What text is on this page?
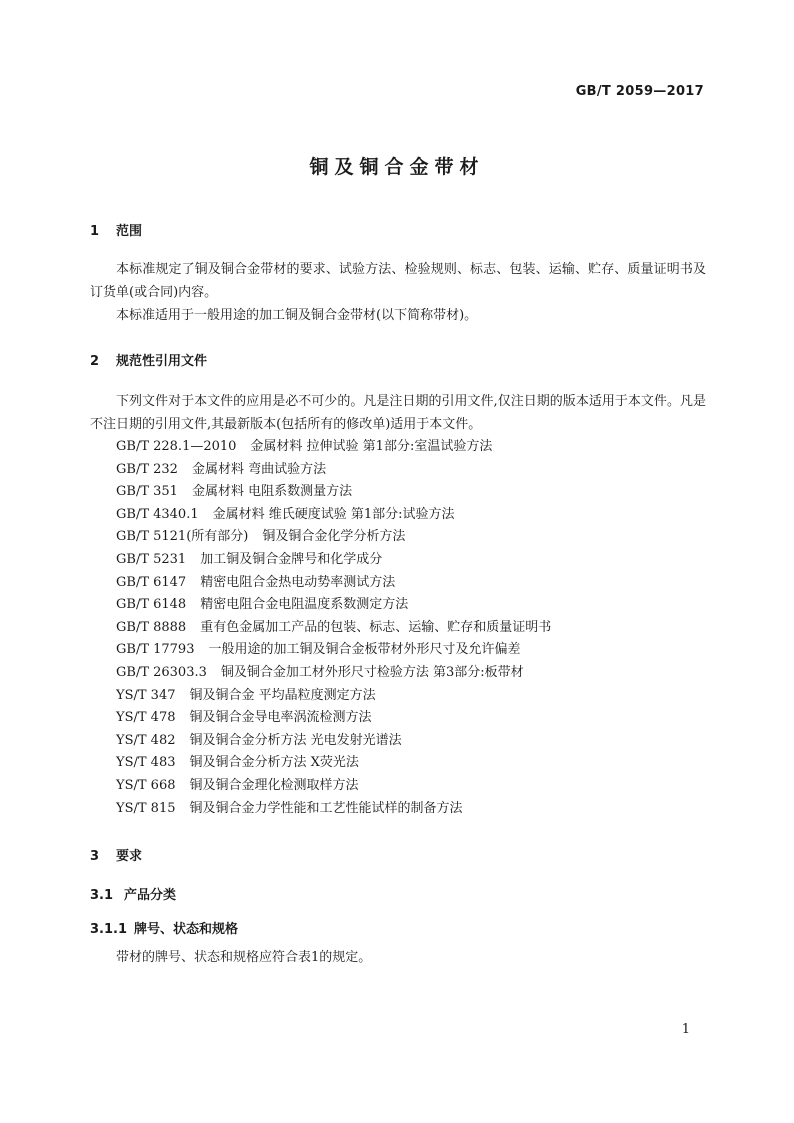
GB/T 2059—2017
铜及铜合金带材
1 范围

本标准规定了铜及铜合金带材的要求、试验方法、检验规则、标志、包装、运输、贮存、质量证明书及订货单(或合同)内容。

本标准适用于一般用途的加工铜及铜合金带材(以下简称带材)。

2 规范性引用文件

下列文件对于本文件的应用是必不可少的。凡是注日期的引用文件,仅注日期的版本适用于本文件。凡是不注日期的引用文件,其最新版本(包括所有的修改单)适用于本文件。

GB/T 228.1—2010 金属材料 拉伸试验 第1部分:室温试验方法
GB/T 232 金属材料 弯曲试验方法
GB/T 351 金属材料 电阻系数测量方法
GB/T 4340.1 金属材料 维氏硬度试验 第1部分:试验方法
GB/T 5121(所有部分) 铜及铜合金化学分析方法
GB/T 5231 加工铜及铜合金牌号和化学成分
GB/T 6147 精密电阻合金热电动势率测试方法
GB/T 6148 精密电阻合金电阻温度系数测定方法
GB/T 8888 重有色金属加工产品的包装、标志、运输、贮存和质量证明书
GB/T 17793 一般用途的加工铜及铜合金板带材外形尺寸及允许偏差
GB/T 26303.3 铜及铜合金加工材外形尺寸检验方法 第3部分:板带材
YS/T 347 铜及铜合金 平均晶粒度测定方法
YS/T 478 铜及铜合金导电率涡流检测方法
YS/T 482 铜及铜合金分析方法 光电发射光谱法
YS/T 483 铜及铜合金分析方法 X荧光法
YS/T 668 铜及铜合金理化检测取样方法
YS/T 815 铜及铜合金力学性能和工艺性能试样的制备方法
3 要求
3.1 产品分类
3.1.1 牌号、状态和规格

带材的牌号、状态和规格应符合表1的规定。

1
